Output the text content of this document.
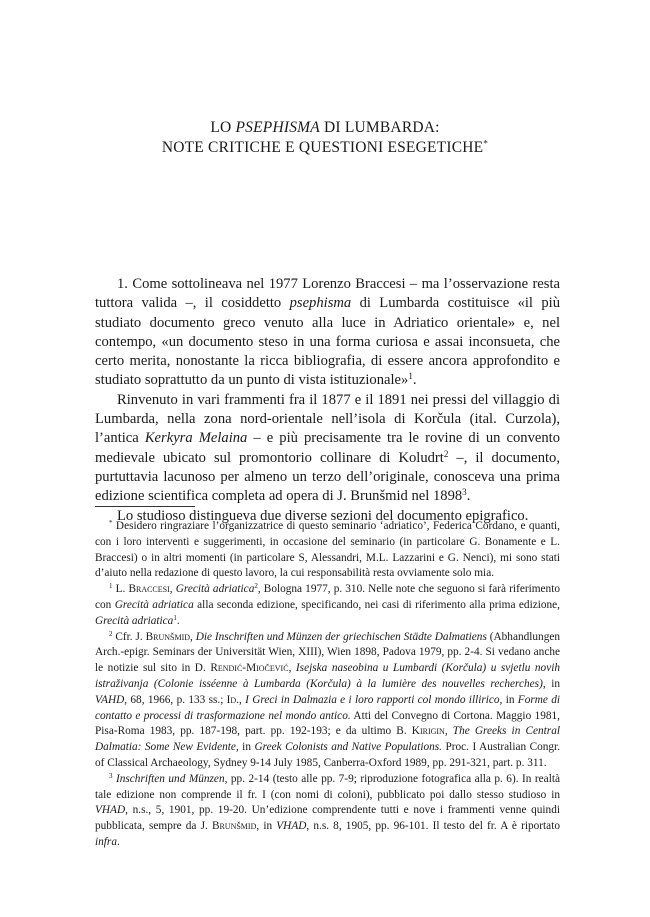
LO PSEPHISMA DI LUMBARDA:
NOTE CRITICHE E QUESTIONI ESEGETICHE*

1. Come sottolineava nel 1977 Lorenzo Braccesi – ma l’osservazione resta tuttora valida –, il cosiddetto psephisma di Lumbarda costituisce «il più studiato documento greco venuto alla luce in Adriatico orientale» e, nel contempo, «un documento steso in una forma curiosa e assai inconsueta, che certo merita, nonostante la ricca bibliografia, di essere ancora approfondito e studiato soprattutto da un punto di vista istituzionale»$^1$.

Rinvenuto in vari frammenti fra il 1877 e il 1891 nei pressi del villaggio di Lumbarda, nella zona nord-orientale nell’isola di Korčula (ital. Curzola), l’antica Kerkyra Melaina – e più precisamente tra le rovine di un convento medievale ubicato sul promontorio collinare di Koludrt$^2$ –, il documento, purtuttavia lacunoso per almeno un terzo dell’originale, conosceva una prima edizione scientifica completa ad opera di J. Brunšmid nel 1898$^3$.

Lo studioso distingueva due diverse sezioni del documento epigrafico.

* Desidero ringraziare l’organizzatrice di questo seminario ‘adriatico’, Federica Cordano, e quanti, con i loro interventi e suggerimenti, in occasione del seminario (in particolare G. Bonamente e L. Braccesi) o in altri momenti (in particolare S, Alessandri, M.L. Lazzarini e G. Nenci), mi sono stati d’aiuto nella redazione di questo lavoro, la cui responsabilità resta ovviamente solo mia.

$^1$ L. Braccesi, Grecità adriatica$^2$, Bologna 1977, p. 310. Nelle note che seguono si farà riferimento con Grecità adriatica alla seconda edizione, specificando, nei casi di riferimento alla prima edizione, Grecità adriatica$^1$.

$^2$ Cfr. J. Brunšmid, Die Inschriften und Münzen der griechischen Städte Dalmatiens (Abhandlungen Arch.-epigr. Seminars der Universität Wien, XIII), Wien 1898, Padova 1979, pp. 2-4. Si vedano anche le notizie sul sito in D. Rendić-Miočević, Isejska naseobina u Lumbardi (Korčula) u svjetlu novih istraživanja (Colonie isséenne à Lumbarda (Korčula) à la lumière des nouvelles recherches), in VAHD, 68, 1966, p. 133 ss.; Id., I Greci in Dalmazia e i loro rapporti col mondo illirico, in Forme di contatto e processi di trasformazione nel mondo antico. Atti del Convegno di Cortona. Maggio 1981, Pisa-Roma 1983, pp. 187-198, part. pp. 192-193; e da ultimo B. Kirigin, The Greeks in Central Dalmatia: Some New Evidente, in Greek Colonists and Native Populations. Proc. I Australian Congr. of Classical Archaeology, Sydney 9-14 July 1985, Canberra-Oxford 1989, pp. 291-321, part. p. 311.

$^3$ Inschriften und Münzen, pp. 2-14 (testo alle pp. 7-9; riproduzione fotografica alla p. 6). In realtà tale edizione non comprende il fr. I (con nomi di coloni), pubblicato poi dallo stesso studioso in VHAD, n.s., 5, 1901, pp. 19-20. Un’edizione comprendente tutti e nove i frammenti venne quindi pubblicata, sempre da J. Brunšmid, in VHAD, n.s. 8, 1905, pp. 96-101. Il testo del fr. A è riportato infra.
